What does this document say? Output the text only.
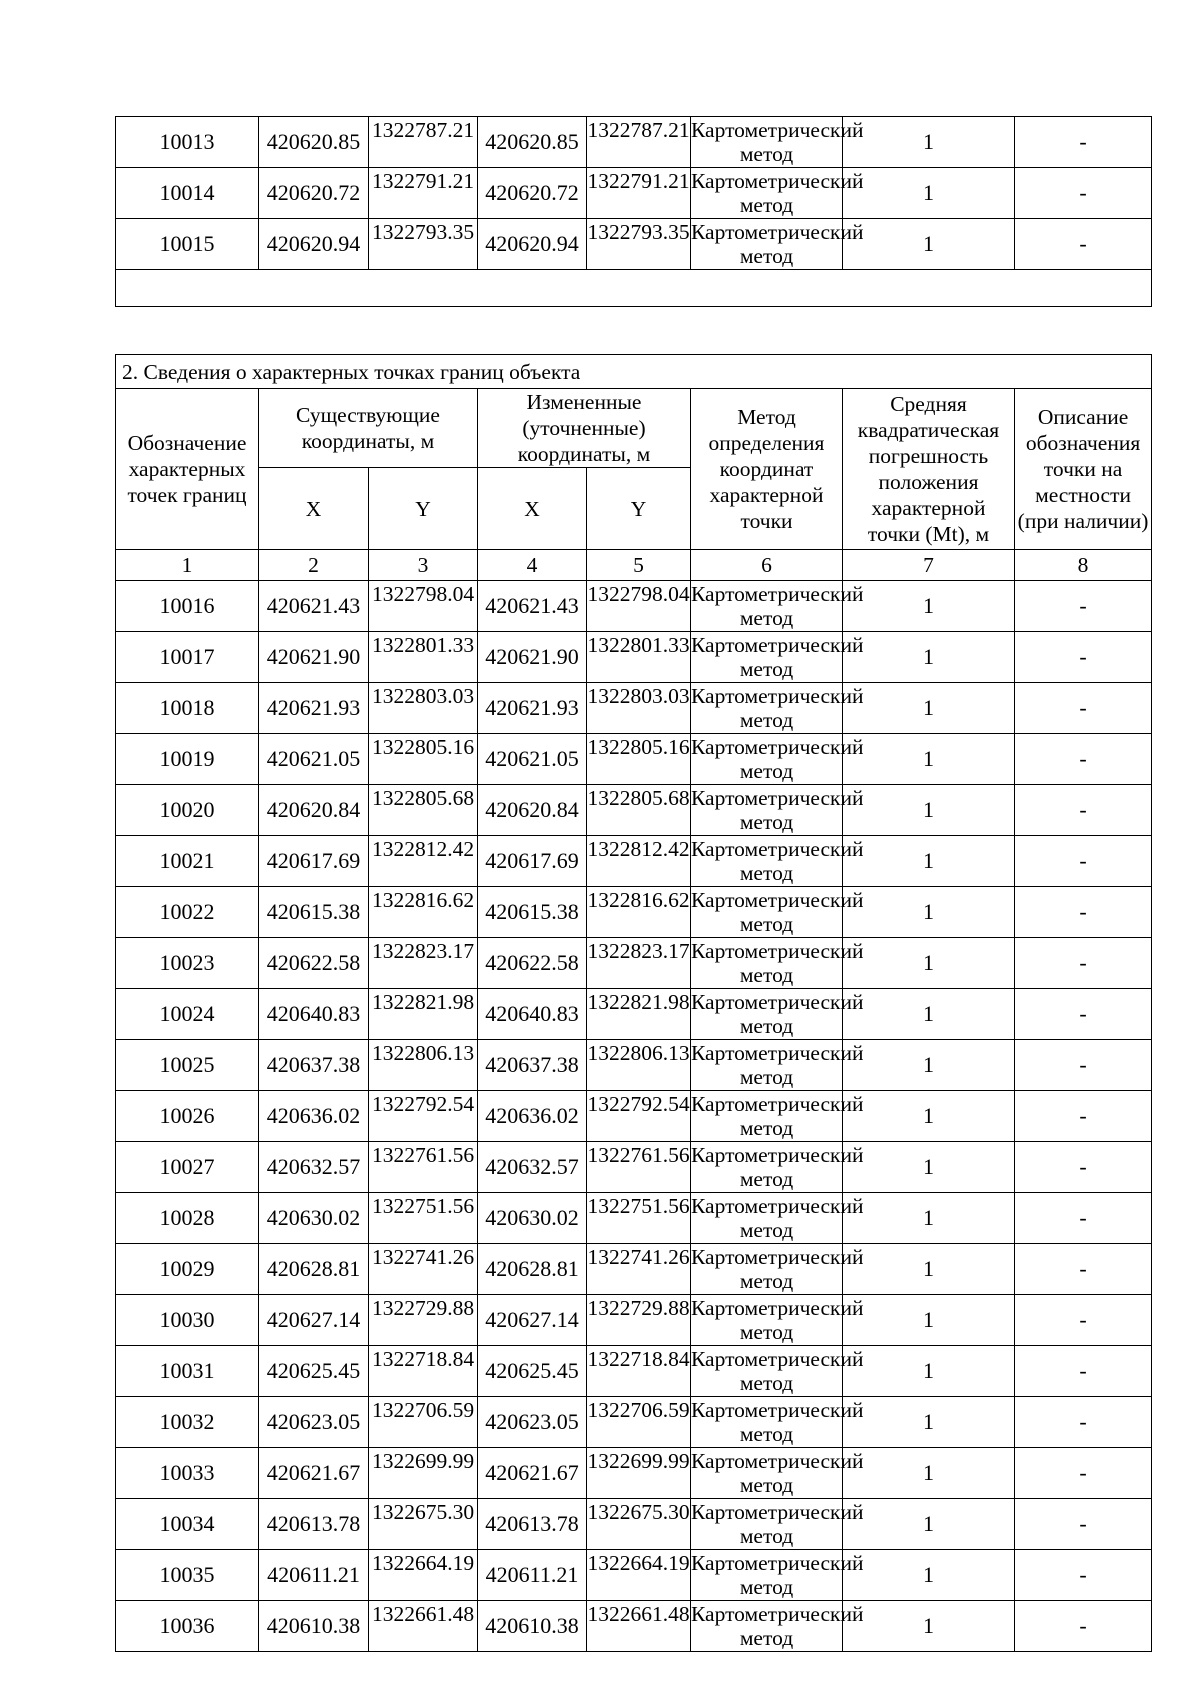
10013	420620.85	1322787.21	420620.85	1322787.21	Картометрический метод	1	-
10014	420620.72	1322791.21	420620.72	1322791.21	Картометрический метод	1	-
10015	420620.94	1322793.35	420620.94	1322793.35	Картометрический метод	1	-

2. Сведения о характерных точках границ объекта							
Обозначение характерных точек границ	Существующие координаты, м		Измененные (уточненные) координаты, м		Метод определения координат характерной точки	Средняя квадратическая погрешность положения характерной точки (Mt), м	Описание обозначения точки на местности (при наличии)
	X	Y	X	Y			
1	2	3	4	5	6	7	8
10016	420621.43	1322798.04	420621.43	1322798.04	Картометрический метод	1	-
10017	420621.90	1322801.33	420621.90	1322801.33	Картометрический метод	1	-
10018	420621.93	1322803.03	420621.93	1322803.03	Картометрический метод	1	-
10019	420621.05	1322805.16	420621.05	1322805.16	Картометрический метод	1	-
10020	420620.84	1322805.68	420620.84	1322805.68	Картометрический метод	1	-
10021	420617.69	1322812.42	420617.69	1322812.42	Картометрический метод	1	-
10022	420615.38	1322816.62	420615.38	1322816.62	Картометрический метод	1	-
10023	420622.58	1322823.17	420622.58	1322823.17	Картометрический метод	1	-
10024	420640.83	1322821.98	420640.83	1322821.98	Картометрический метод	1	-
10025	420637.38	1322806.13	420637.38	1322806.13	Картометрический метод	1	-
10026	420636.02	1322792.54	420636.02	1322792.54	Картометрический метод	1	-
10027	420632.57	1322761.56	420632.57	1322761.56	Картометрический метод	1	-
10028	420630.02	1322751.56	420630.02	1322751.56	Картометрический метод	1	-
10029	420628.81	1322741.26	420628.81	1322741.26	Картометрический метод	1	-
10030	420627.14	1322729.88	420627.14	1322729.88	Картометрический метод	1	-
10031	420625.45	1322718.84	420625.45	1322718.84	Картометрический метод	1	-
10032	420623.05	1322706.59	420623.05	1322706.59	Картометрический метод	1	-
10033	420621.67	1322699.99	420621.67	1322699.99	Картометрический метод	1	-
10034	420613.78	1322675.30	420613.78	1322675.30	Картометрический метод	1	-
10035	420611.21	1322664.19	420611.21	1322664.19	Картометрический метод	1	-
10036	420610.38	1322661.48	420610.38	1322661.48	Картометрический метод	1	-
